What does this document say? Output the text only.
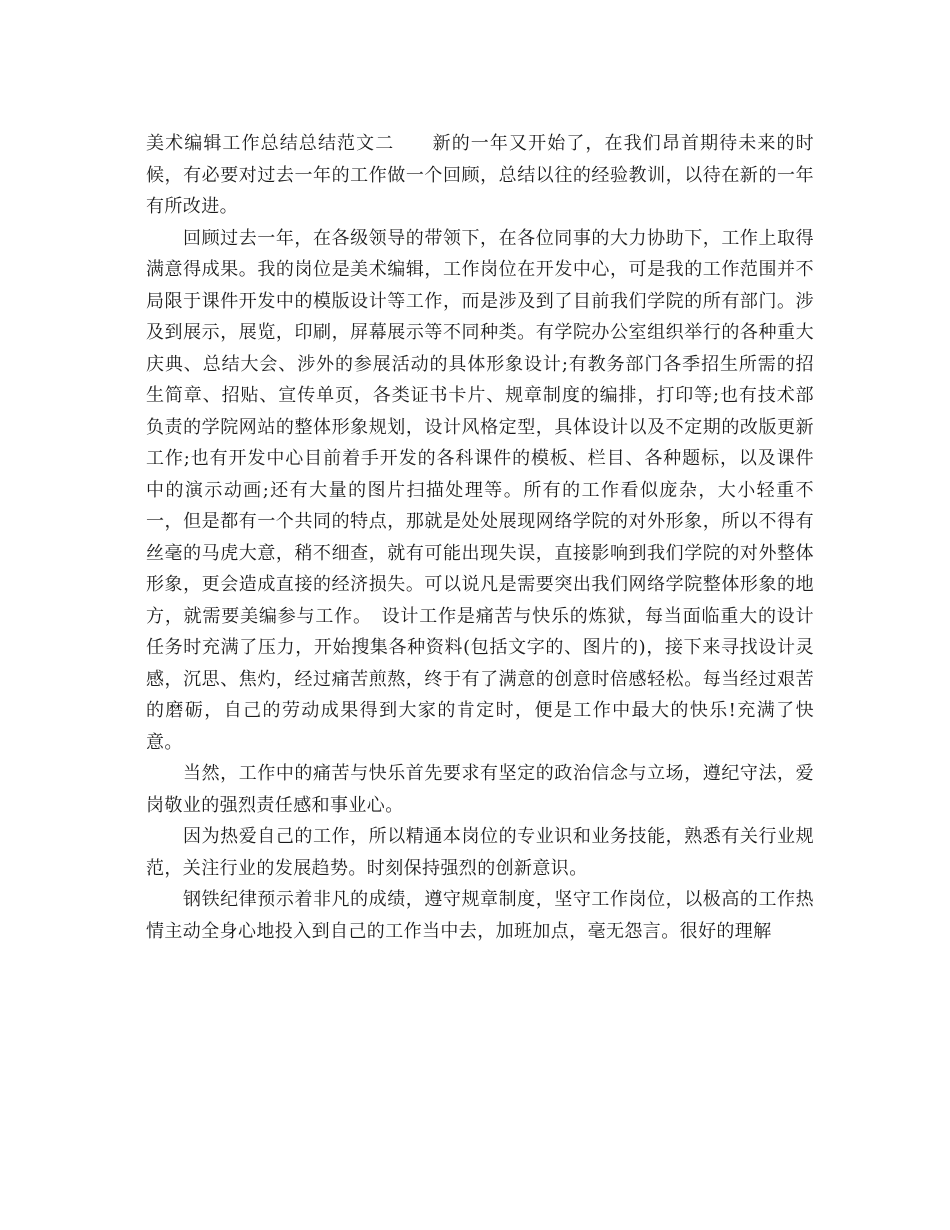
美术编辑工作总结总结范文二　　新的一年又开始了，在我们昂首期待未来的时候，有必要对过去一年的工作做一个回顾，总结以往的经验教训，以待在新的一年有所改进。

回顾过去一年，在各级领导的带领下，在各位同事的大力协助下，工作上取得满意得成果。我的岗位是美术编辑，工作岗位在开发中心，可是我的工作范围并不局限于课件开发中的模版设计等工作，而是涉及到了目前我们学院的所有部门。涉及到展示，展览，印刷，屏幕展示等不同种类。有学院办公室组织举行的各种重大庆典、总结大会、涉外的参展活动的具体形象设计;有教务部门各季招生所需的招生简章、招贴、宣传单页，各类证书卡片、规章制度的编排，打印等;也有技术部负责的学院网站的整体形象规划，设计风格定型，具体设计以及不定期的改版更新工作;也有开发中心目前着手开发的各科课件的模板、栏目、各种题标，以及课件中的演示动画;还有大量的图片扫描处理等。所有的工作看似庞杂，大小轻重不一，但是都有一个共同的特点，那就是处处展现网络学院的对外形象，所以不得有丝毫的马虎大意，稍不细查，就有可能出现失误，直接影响到我们学院的对外整体形象，更会造成直接的经济损失。可以说凡是需要突出我们网络学院整体形象的地方，就需要美编参与工作。　设计工作是痛苦与快乐的炼狱，每当面临重大的设计任务时充满了压力，开始搜集各种资料(包括文字的、图片的)，接下来寻找设计灵感，沉思、焦灼，经过痛苦煎熬，终于有了满意的创意时倍感轻松。每当经过艰苦的磨砺，自己的劳动成果得到大家的肯定时，便是工作中最大的快乐!充满了快意。

当然，工作中的痛苦与快乐首先要求有坚定的政治信念与立场，遵纪守法，爱岗敬业的强烈责任感和事业心。

因为热爱自己的工作，所以精通本岗位的专业识和业务技能，熟悉有关行业规范，关注行业的发展趋势。时刻保持强烈的创新意识。

钢铁纪律预示着非凡的成绩，遵守规章制度，坚守工作岗位，以极高的工作热情主动全身心地投入到自己的工作当中去，加班加点，毫无怨言。很好的理解
